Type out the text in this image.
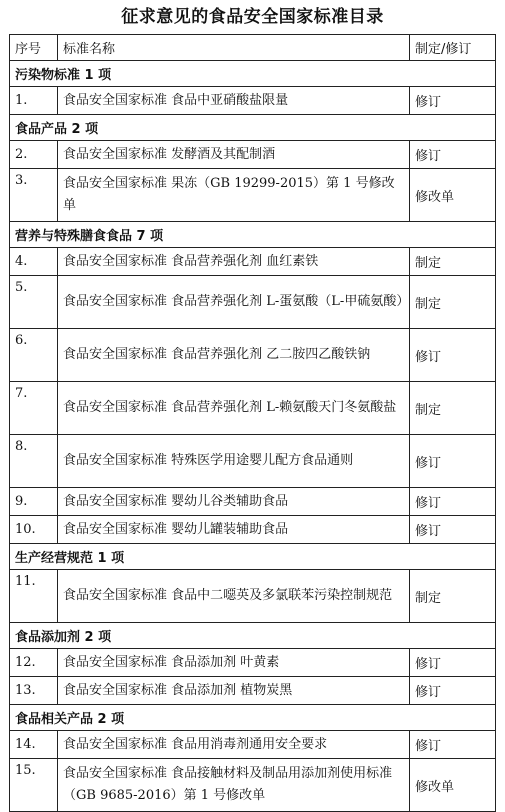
征求意见的食品安全国家标准目录
序号	标准名称	制定/修订
污染物标准 1 项		
1.	食品安全国家标准 食品中亚硝酸盐限量	修订
食品产品 2 项		
2.	食品安全国家标准 发酵酒及其配制酒	修订
3.	食品安全国家标准 果冻（GB 19299-2015）第 1 号修改单	修改单
营养与特殊膳食食品 7 项		
4.	食品安全国家标准 食品营养强化剂 血红素铁	制定
5.	食品安全国家标准 食品营养强化剂 L-蛋氨酸（L-甲硫氨酸）	制定
6.	食品安全国家标准 食品营养强化剂 乙二胺四乙酸铁钠	修订
7.	食品安全国家标准 食品营养强化剂 L-赖氨酸天门冬氨酸盐	制定
8.	食品安全国家标准 特殊医学用途婴儿配方食品通则	修订
9.	食品安全国家标准 婴幼儿谷类辅助食品	修订
10.	食品安全国家标准 婴幼儿罐装辅助食品	修订
生产经营规范 1 项		
11.	食品安全国家标准 食品中二噁英及多氯联苯污染控制规范	制定
食品添加剂 2 项		
12.	食品安全国家标准 食品添加剂 叶黄素	修订
13.	食品安全国家标准 食品添加剂 植物炭黑	修订
食品相关产品 2 项		
14.	食品安全国家标准 食品用消毒剂通用安全要求	修订
15.	食品安全国家标准 食品接触材料及制品用添加剂使用标准（GB 9685-2016）第 1 号修改单	修改单
